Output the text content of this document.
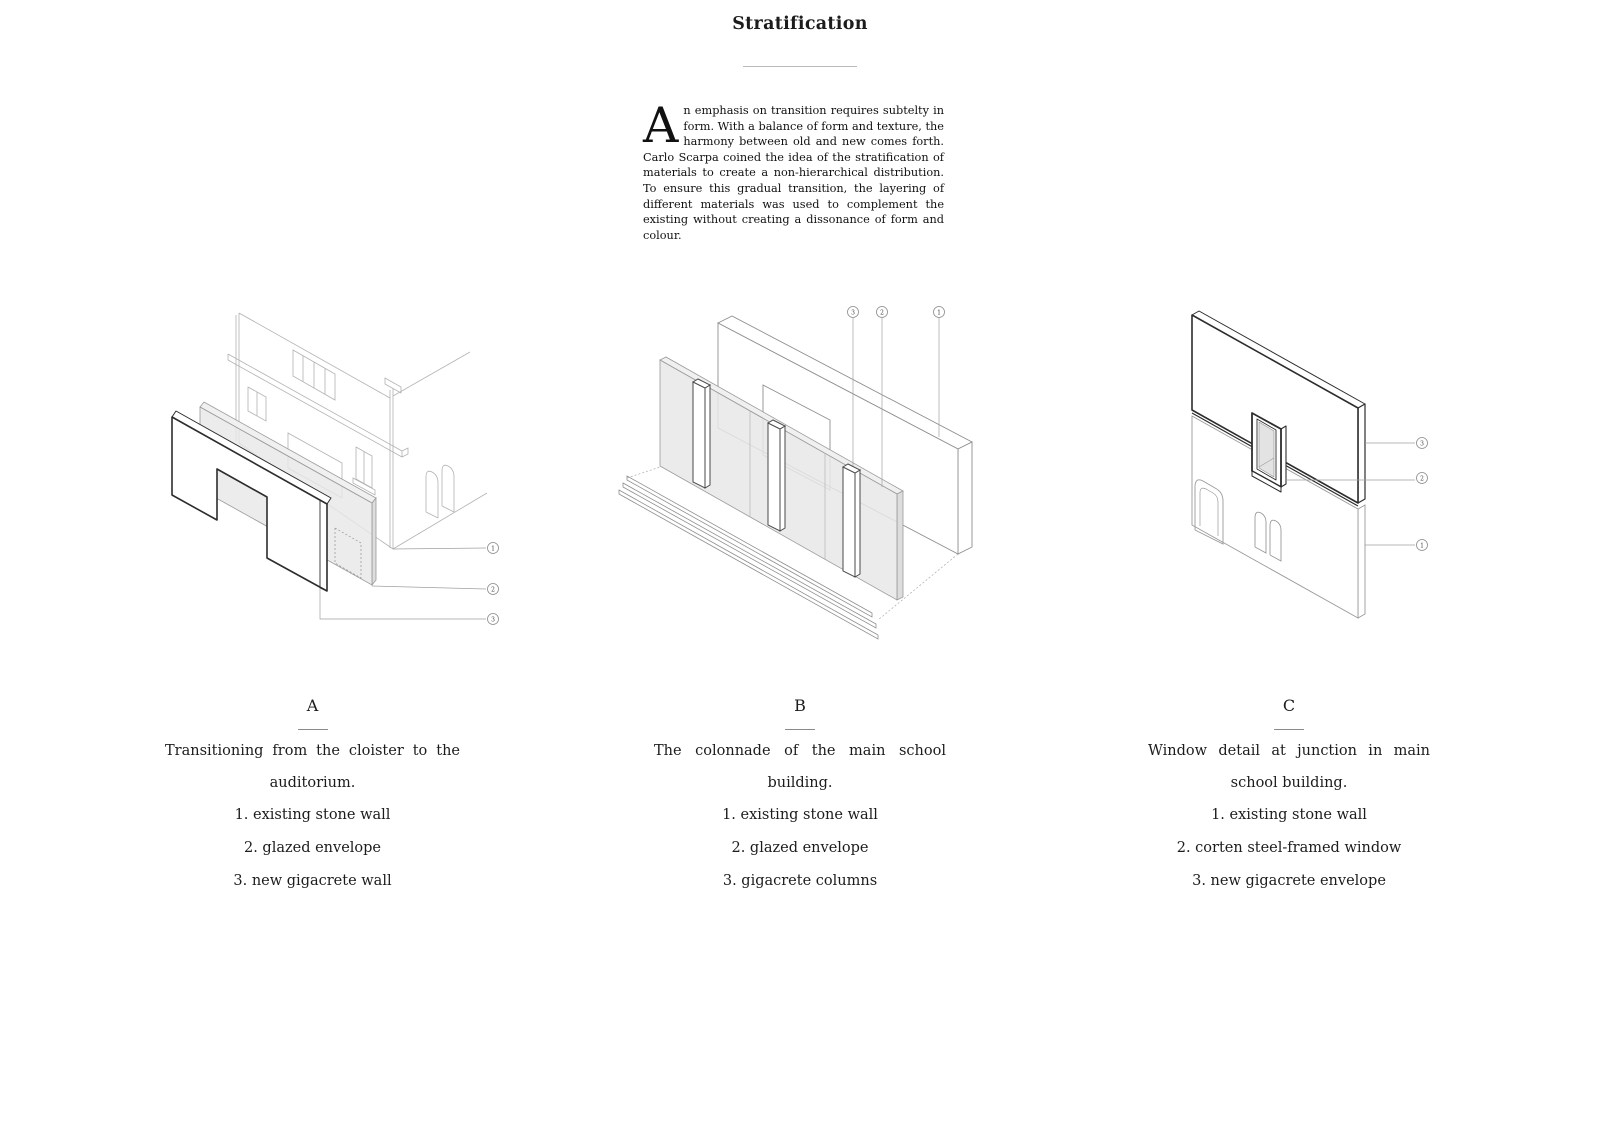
Stratification
An emphasis on transition requires subtelty in form. With a balance of form and texture, the harmony between old and new comes forth. Carlo Scarpa coined the idea of the stratification of materials to create a non-hierarchical distribution. To ensure this gradual transition, the layering of different materials was used to complement the existing without creating a dissonance of form and colour.
1
2
3
3	2	1
3
2
1
A
Transitioning from the cloister to the auditorium.
1. existing stone wall
2. glazed envelope
3. new gigacrete wall
B
The colonnade of the main school building.
1. existing stone wall
2. glazed envelope
3. gigacrete columns
C
Window detail at junction in main school building.
1. existing stone wall
2. corten steel-framed window
3. new gigacrete envelope
